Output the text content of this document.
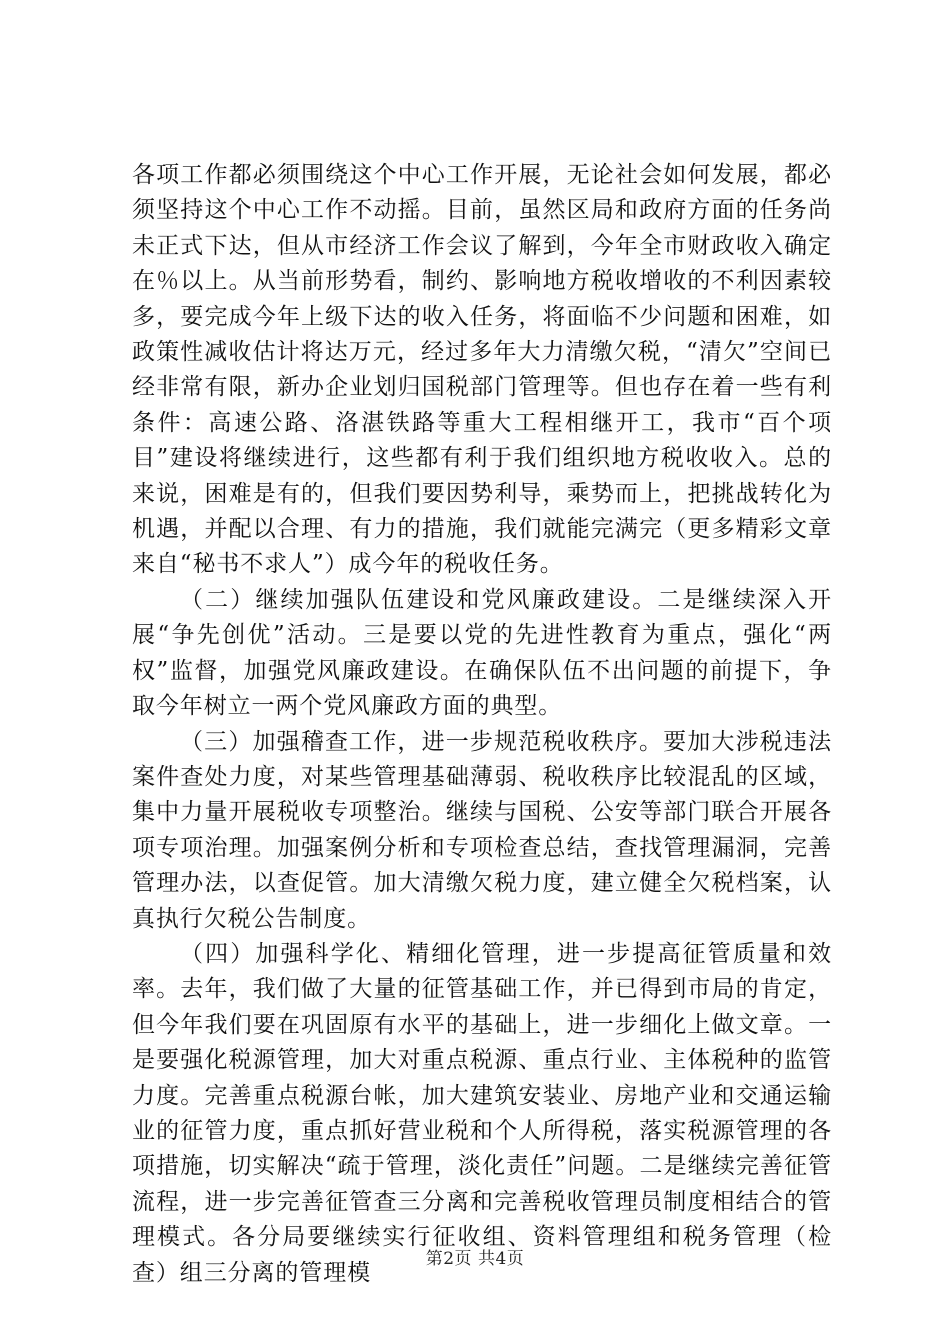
各项工作都必须围绕这个中心工作开展，无论社会如何发展，都必须坚持这个中心工作不动摇。目前，虽然区局和政府方面的任务尚未正式下达，但从市经济工作会议了解到，今年全市财政收入确定在％以上。从当前形势看，制约、影响地方税收增收的不利因素较多，要完成今年上级下达的收入任务，将面临不少问题和困难，如政策性减收估计将达万元，经过多年大力清缴欠税，“清欠”空间已经非常有限，新办企业划归国税部门管理等。但也存在着一些有利条件：高速公路、洛湛铁路等重大工程相继开工，我市“百个项目”建设将继续进行，这些都有利于我们组织地方税收收入。总的来说，困难是有的，但我们要因势利导，乘势而上，把挑战转化为机遇，并配以合理、有力的措施，我们就能完满完（更多精彩文章来自“秘书不求人”）成今年的税收任务。

（二）继续加强队伍建设和党风廉政建设。二是继续深入开展“争先创优”活动。三是要以党的先进性教育为重点，强化“两权”监督，加强党风廉政建设。在确保队伍不出问题的前提下，争取今年树立一两个党风廉政方面的典型。

（三）加强稽查工作，进一步规范税收秩序。要加大涉税违法案件查处力度，对某些管理基础薄弱、税收秩序比较混乱的区域，集中力量开展税收专项整治。继续与国税、公安等部门联合开展各项专项治理。加强案例分析和专项检查总结，查找管理漏洞，完善管理办法，以查促管。加大清缴欠税力度，建立健全欠税档案，认真执行欠税公告制度。

（四）加强科学化、精细化管理，进一步提高征管质量和效率。去年，我们做了大量的征管基础工作，并已得到市局的肯定，但今年我们要在巩固原有水平的基础上，进一步细化上做文章。一是要强化税源管理，加大对重点税源、重点行业、主体税种的监管力度。完善重点税源台帐，加大建筑安装业、房地产业和交通运输业的征管力度，重点抓好营业税和个人所得税，落实税源管理的各项措施，切实解决“疏于管理，淡化责任”问题。二是继续完善征管流程，进一步完善征管查三分离和完善税收管理员制度相结合的管理模式。各分局要继续实行征收组、资料管理组和税务管理（检查）组三分离的管理模

第2页 共4页
